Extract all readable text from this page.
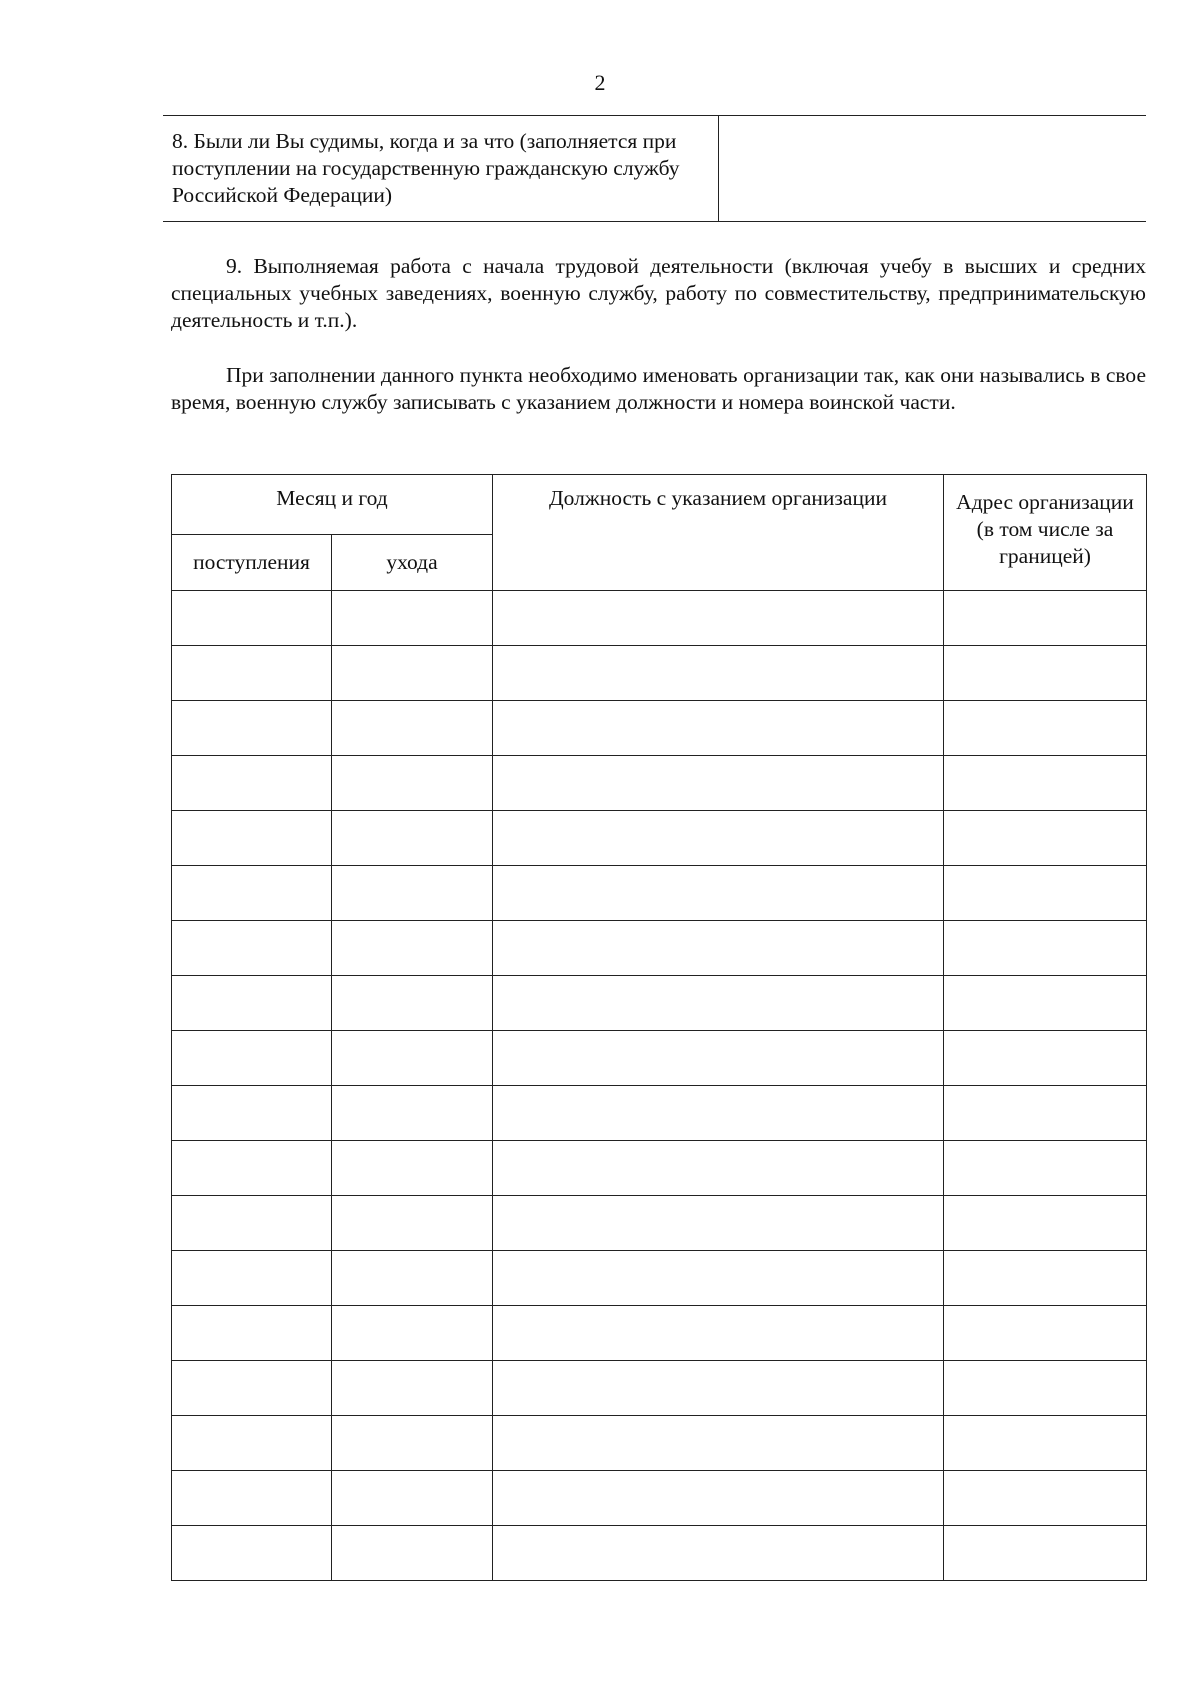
2
8. Были ли Вы судимы, когда и за что (заполняется при поступлении на государственную гражданскую службу Российской Федерации)	

9. Выполняемая работа с начала трудовой деятельности (включая учебу в высших и средних специальных учебных заведениях, военную службу, работу по совместительству, предпринимательскую деятельность и т.п.).

При заполнении данного пункта необходимо именовать организации так, как они назывались в свое время, военную службу записывать с указанием должности и номера воинской части.

Месяц и год		Должность с указанием организации	Адрес организации (в том числе за границей)
поступления	ухода		
